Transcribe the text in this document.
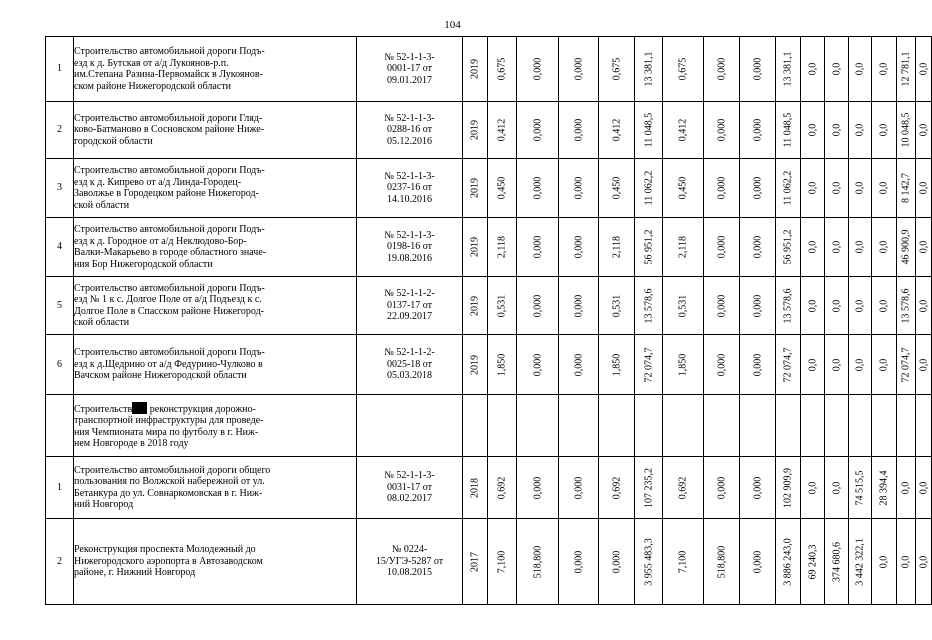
104
1	Строительство автомобильной дороги Подъ-
езд к д. Бутская от а/д Лукоянов-р.п.
им.Степана Разина-Первомайск в Лукоянов-
ском районе Нижегородской области	№ 52-1-1-3-
0001-17 от
09.01.2017	2019	0,675	0,000	0,000	0,675	13 381,1	0,675	0,000	0,000	13 381,1	0,0	0,0	0,0	0,0	12 781,1	0,0

2	Строительство автомобильной дороги Гляд-
ково-Батманово в Сосновском районе Ниже-
городской области	№ 52-1-1-3-
0288-16 от
05.12.2016	2019	0,412	0,000	0,000	0,412	11 048,5	0,412	0,000	0,000	11 048,5	0,0	0,0	0,0	0,0	10 048,5	0,0

3	Строительство автомобильной дороги Подъ-
езд к д. Кипрево от а/д Линда-Городец-
Заволжье в Городецком районе Нижегород-
ской области	№ 52-1-1-3-
0237-16 от
14.10.2016	2019	0,450	0,000	0,000	0,450	11 062,2	0,450	0,000	0,000	11 062,2	0,0	0,0	0,0	0,0	8 142,7	0,0

4	Строительство автомобильной дороги Подъ-
езд к д. Городное от а/д Неклюдово-Бор-
Валки-Макарьево в городе областного значе-
ния Бор Нижегородской области	№ 52-1-1-3-
0198-16 от
19.08.2016	2019	2,118	0,000	0,000	2,118	56 951,2	2,118	0,000	0,000	56 951,2	0,0	0,0	0,0	0,0	46 900,9	0,0

5	Строительство автомобильной дороги Подъ-
езд № 1 к с. Долгое Поле от а/д Подъезд к с.
Долгое Поле в Спасском районе Нижегород-
ской области	№ 52-1-1-2-
0137-17 от
22.09.2017	2019	0,531	0,000	0,000	0,531	13 578,6	0,531	0,000	0,000	13 578,6	0,0	0,0	0,0	0,0	13 578,6	0,0

6	Строительство автомобильной дороги Подъ-
езд к д.Щедрино от а/д Федурино-Чулково в
Вачском районе Нижегородской области	№ 52-1-1-2-
0025-18 от
05.03.2018	2019	1,850	0,000	0,000	1,850	72 074,7	1,850	0,000	0,000	72 074,7	0,0	0,0	0,0	0,0	72 074,7	0,0

	Строительств реконструкция дорожно-
транспортной инфраструктуры для проведе-
ния Чемпионата мира по футболу в г. Ниж-
нем Новгороде в 2018 году																		
1	Строительство автомобильной дороги общего
пользования по Волжской набережной от ул.
Бетанкура до ул. Совнаркомовская в г. Ниж-
ний Новгород	№ 52-1-1-3-
0031-17 от
08.02.2017	2018	0,692	0,000	0,000	0,692	107 235,2	0,692	0,000	0,000	102 909,9	0,0	0,0	74 515,5	28 394,4	0,0	0,0

2	Реконструкция проспекта Молодежный до
Нижегородского аэропорта в Автозаводском
районе, г. Нижний Новгород	№ 0224-
15/УГЭ-5287 от
10.08.2015	2017	7,100	518,800	0,000	0,000	3 955 483,3	7,100	518,800	0,000	3 886 243,0	69 240,3	374 680,6	3 442 322,1	0,0	0,0	0,0
